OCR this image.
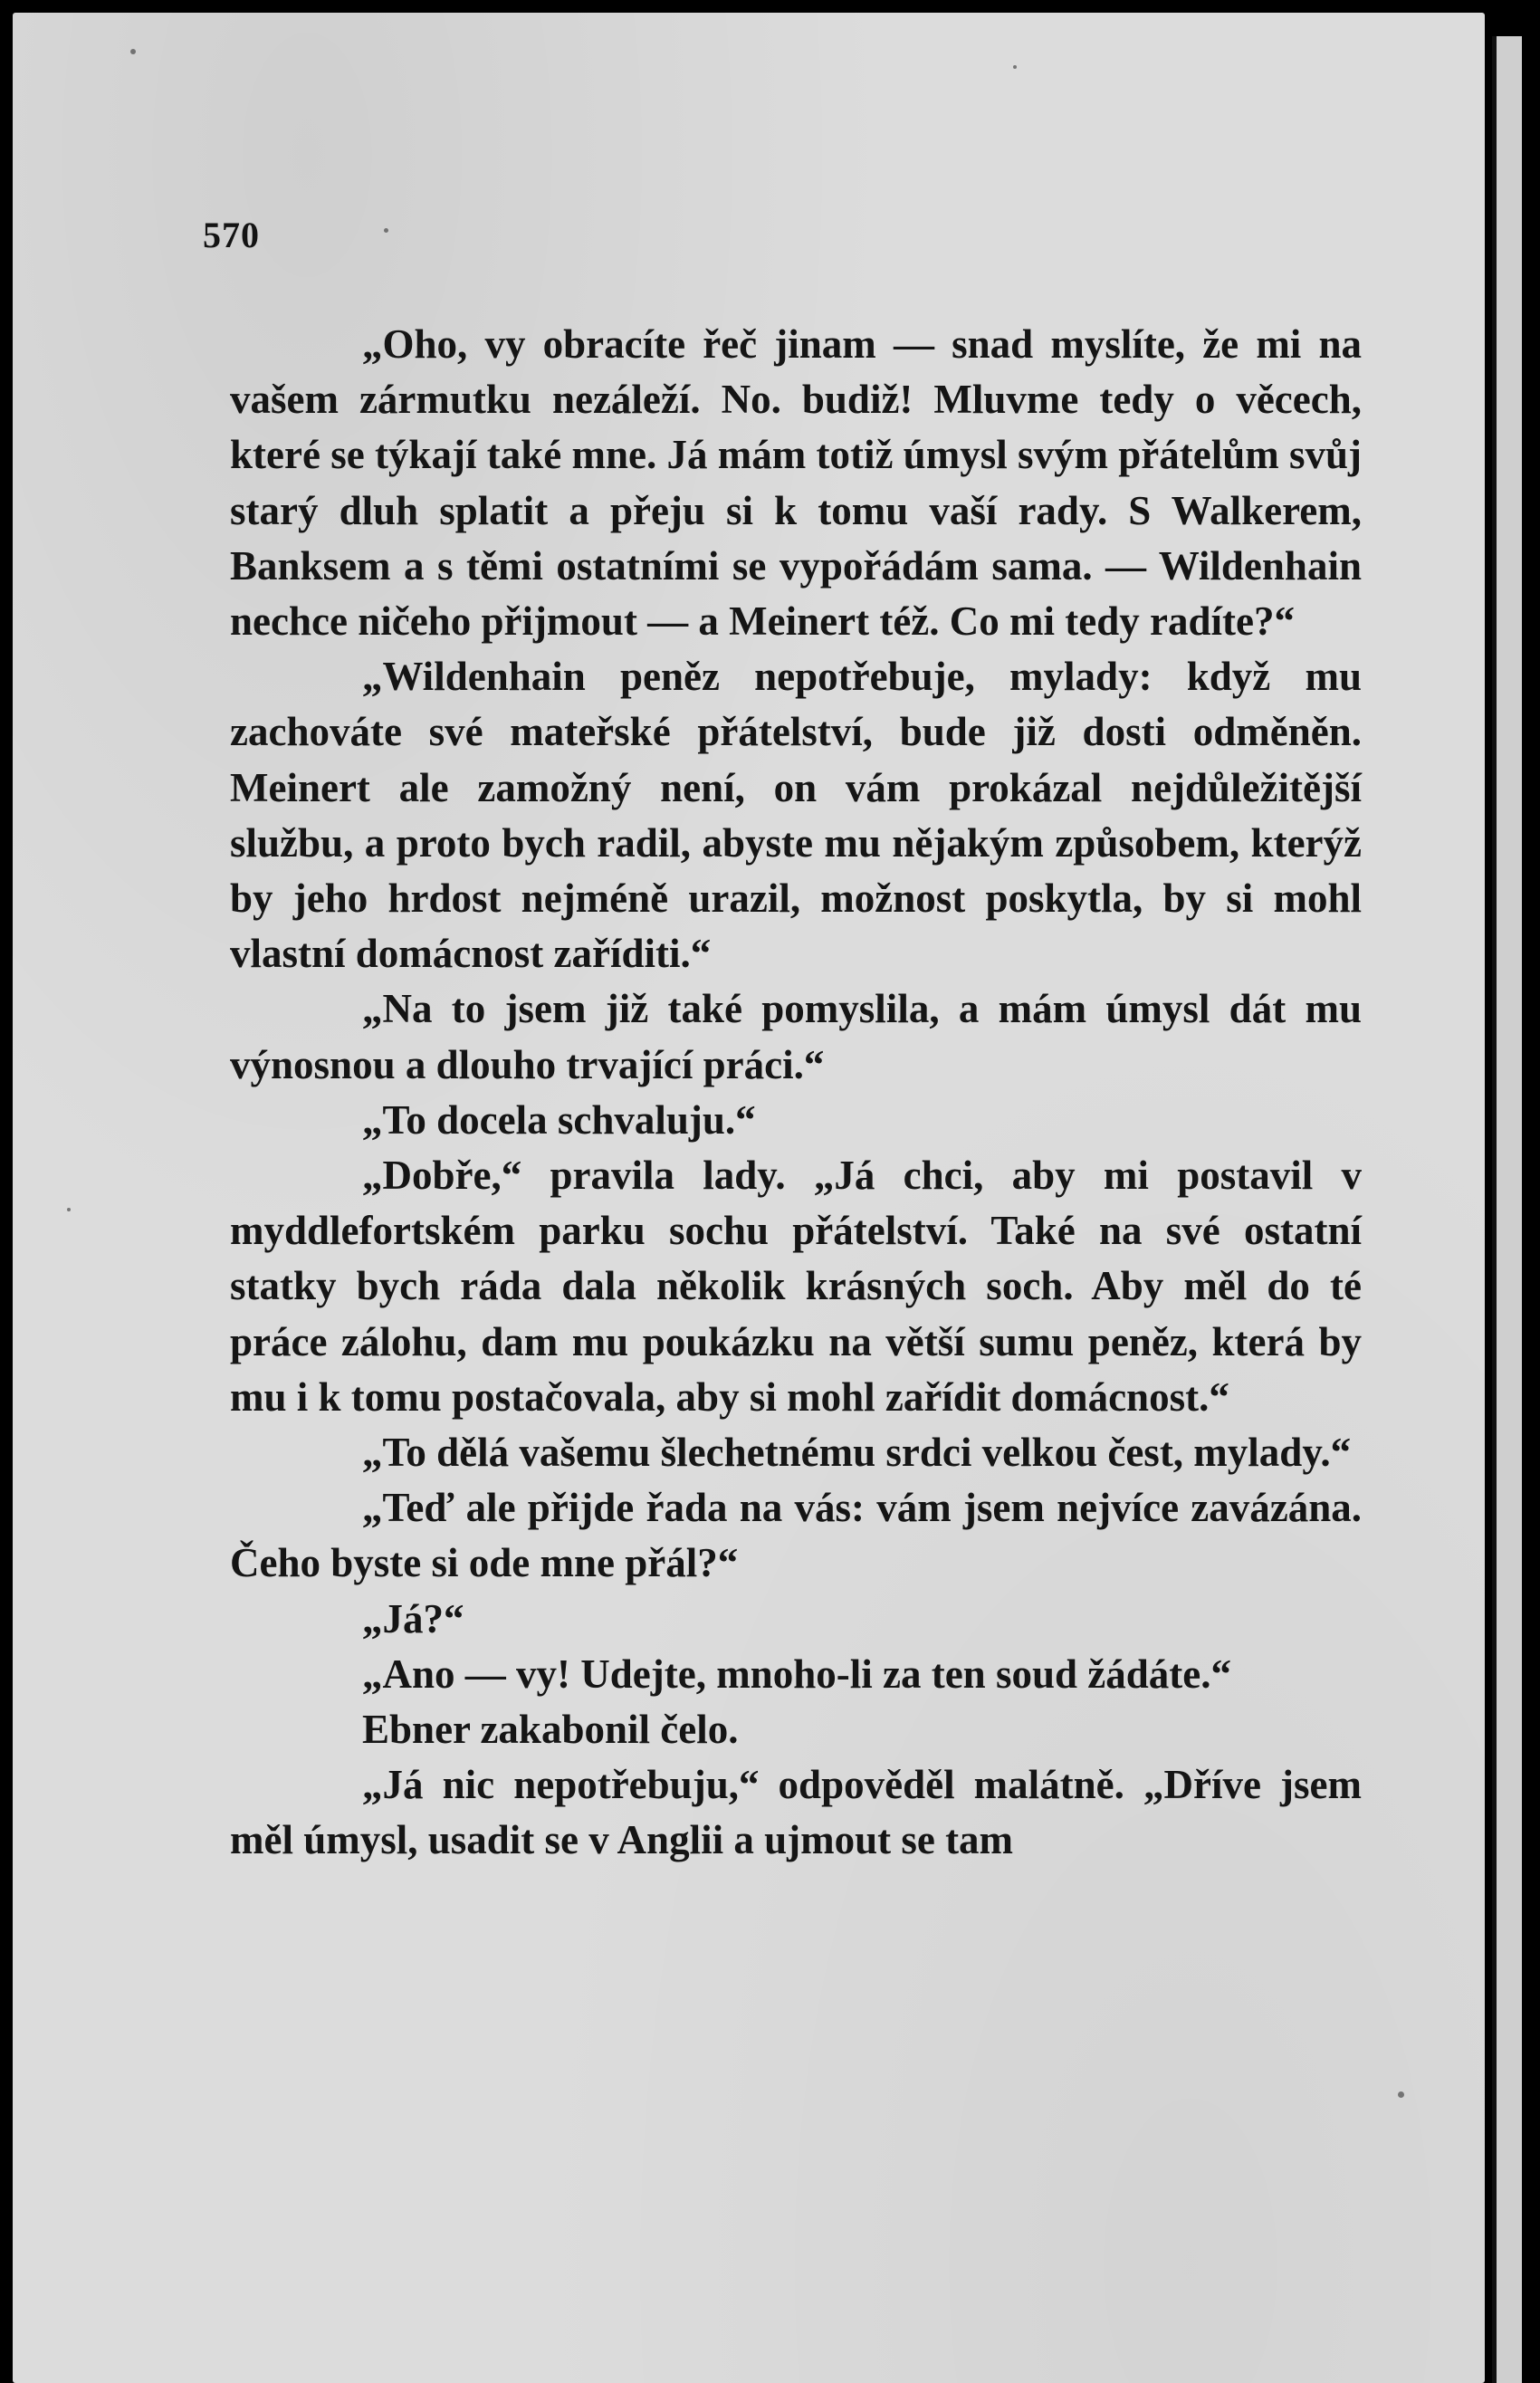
570

„Oho, vy obracíte řeč jinam — snad myslíte, že mi na vašem zármutku nezáleží. No. budiž! Mluvme tedy o věcech, které se týkají také mne. Já mám totiž úmysl svým přátelům svůj starý dluh splatit a přeju si k tomu vaší rady. S Walkerem, Banksem a s těmi ostatními se vypořádám sama. — Wildenhain nechce ničeho přijmout — a Meinert též. Co mi tedy radíte?“

„Wildenhain peněz nepotřebuje, mylady: když mu zachováte své mateřské přátelství, bude již dosti odměněn. Meinert ale zamožný není, on vám prokázal nejdůležitější službu, a proto bych radil, abyste mu nějakým způsobem, kterýž by jeho hrdost nejméně urazil, možnost poskytla, by si mohl vlastní domácnost zaříditi.“

„Na to jsem již také pomyslila, a mám úmysl dát mu výnosnou a dlouho trvající práci.“

„To docela schvaluju.“

„Dobře,“ pravila lady. „Já chci, aby mi postavil v myddlefortském parku sochu přátelství. Také na své ostatní statky bych ráda dala několik krásných soch. Aby měl do té práce zálohu, dam mu poukázku na větší sumu peněz, která by mu i k tomu postačovala, aby si mohl zařídit domácnost.“

„To dělá vašemu šlechetnému srdci velkou čest, mylady.“

„Teď ale přijde řada na vás: vám jsem nejvíce zavázána. Čeho byste si ode mne přál?“

„Já?“

„Ano — vy! Udejte, mnoho-li za ten soud žádáte.“

Ebner zakabonil čelo.

„Já nic nepotřebuju,“ odpověděl malátně. „Dříve jsem měl úmysl, usadit se v Anglii a ujmout se tam
